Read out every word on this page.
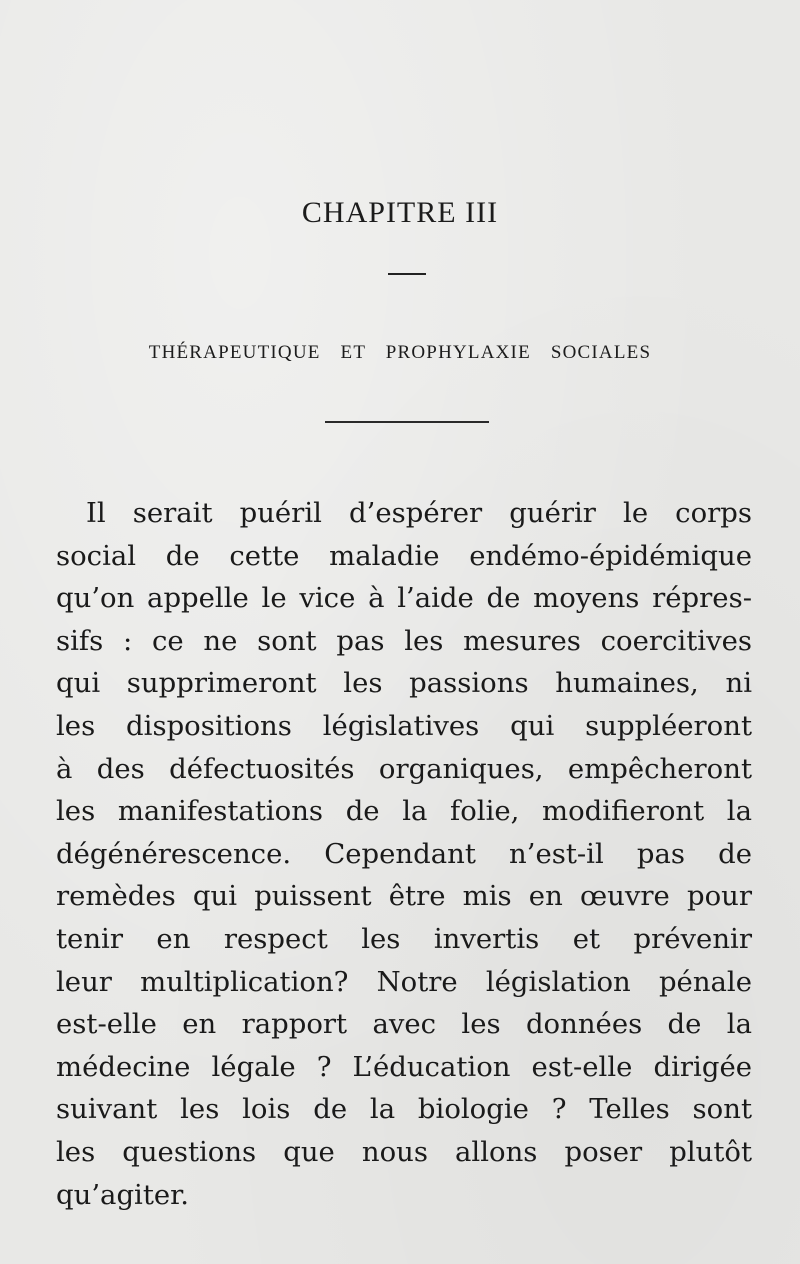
CHAPITRE III
THÉRAPEUTIQUE ET PROPHYLAXIE SOCIALES
Il serait puéril d’espérer guérir le corps
social de cette maladie endémo-épidémique
qu’on appelle le vice à l’aide de moyens répres-
sifs : ce ne sont pas les mesures coercitives
qui supprimeront les passions humaines, ni
les dispositions législatives qui suppléeront
à des défectuosités organiques, empêcheront
les manifestations de la folie, modifieront la
dégénérescence. Cependant n’est-il pas de
remèdes qui puissent être mis en œuvre pour
tenir en respect les invertis et prévenir
leur multiplication? Notre législation pénale
est-elle en rapport avec les données de la
médecine légale ? L’éducation est-elle dirigée
suivant les lois de la biologie ? Telles sont
les questions que nous allons poser plutôt
qu’agiter.
